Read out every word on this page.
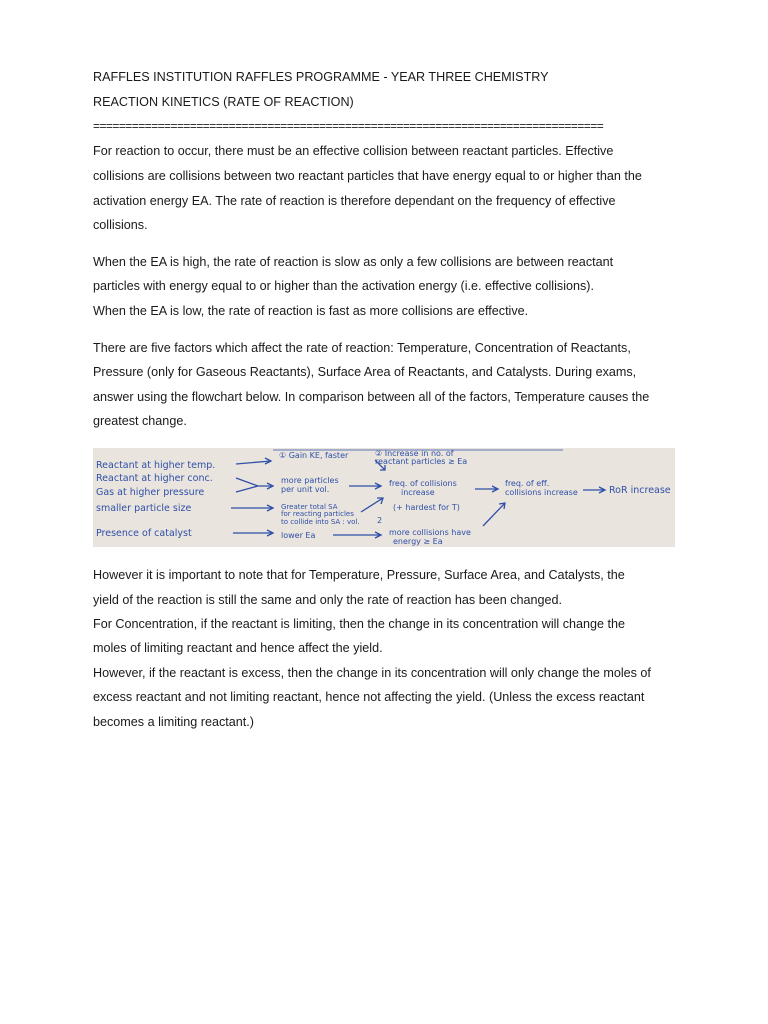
RAFFLES INSTITUTION RAFFLES PROGRAMME - YEAR THREE CHEMISTRY
REACTION KINETICS (RATE OF REACTION)
===============================================================================
For reaction to occur, there must be an effective collision between reactant particles. Effective
collisions are collisions between two reactant particles that have energy equal to or higher than the
activation energy EA. The rate of reaction is therefore dependant on the frequency of effective
collisions.
When the EA is high, the rate of reaction is slow as only a few collisions are between reactant
particles with energy equal to or higher than the activation energy (i.e. effective collisions).
When the EA is low, the rate of reaction is fast as more collisions are effective.
There are five factors which affect the rate of reaction: Temperature, Concentration of Reactants,
Pressure (only for Gaseous Reactants), Surface Area of Reactants, and Catalysts. During exams,
answer using the flowchart below. In comparison between all of the factors, Temperature causes the
greatest change.
Reactant at higher temp.
Reactant at higher conc.
Gas at higher pressure
smaller particle size
Presence of catalyst
① Gain KE, faster
more particles
per unit vol.
Greater total SA
for reacting particles
to collide into SA : vol.
lower Ea
2
② Increase in no. of
reactant particles ≥ Ea
freq. of collisions
increase
(+ hardest for T)
more collisions have
energy ≥ Ea
freq. of eff.
collisions increase	RoR increase
However it is important to note that for Temperature, Pressure, Surface Area, and Catalysts, the
yield of the reaction is still the same and only the rate of reaction has been changed.
For Concentration, if the reactant is limiting, then the change in its concentration will change the
moles of limiting reactant and hence affect the yield.
However, if the reactant is excess, then the change in its concentration will only change the moles of
excess reactant and not limiting reactant, hence not affecting the yield. (Unless the excess reactant
becomes a limiting reactant.)
